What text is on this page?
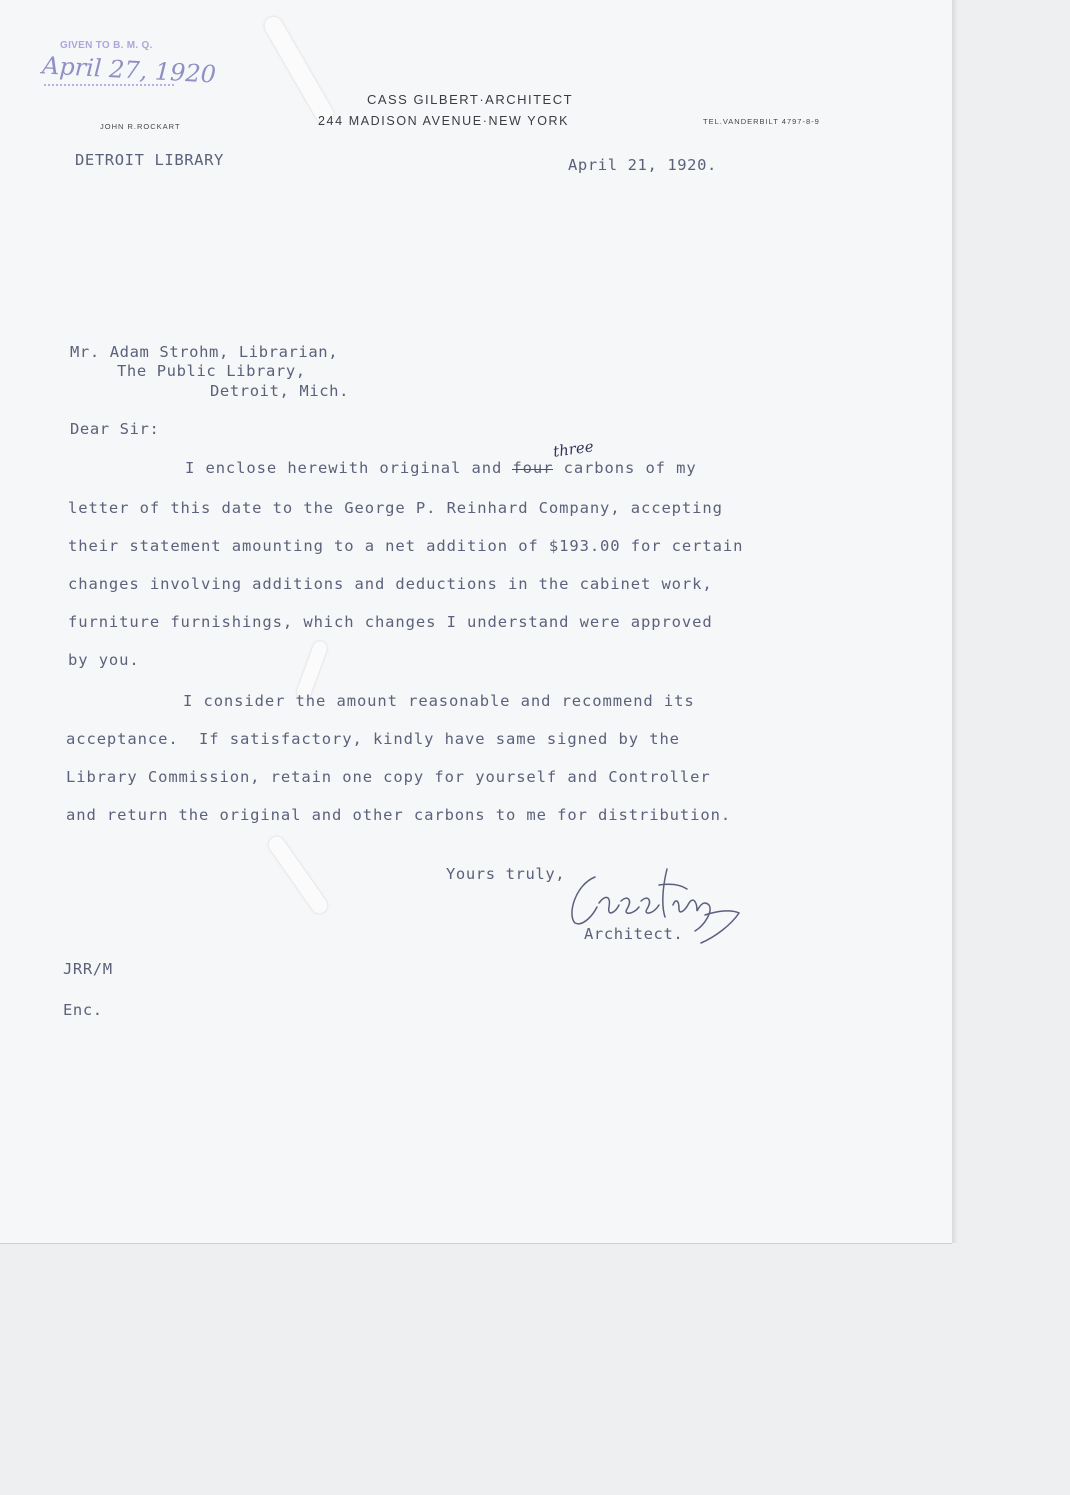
GIVEN TO B. M. Q.
April 27, 1920
CASS GILBERT·ARCHITECT
244 MADISON AVENUE·NEW YORK
JOHN R.ROCKART
TEL.VANDERBILT 4797-8-9
DETROIT LIBRARY	April 21, 1920.
Mr. Adam Strohm, Librarian,
The Public Library,
Detroit, Mich.
Dear Sir:
three
I enclose herewith original and four carbons of my
letter of this date to the George P. Reinhard Company, accepting
their statement amounting to a net addition of $193.00 for certain
changes involving additions and deductions in the cabinet work,
furniture furnishings, which changes I understand were approved
by you.
I consider the amount reasonable and recommend its
acceptance.  If satisfactory, kindly have same signed by the
Library Commission, retain one copy for yourself and Controller
and return the original and other carbons to me for distribution.
Yours truly,
Architect.
JRR/M
Enc.
